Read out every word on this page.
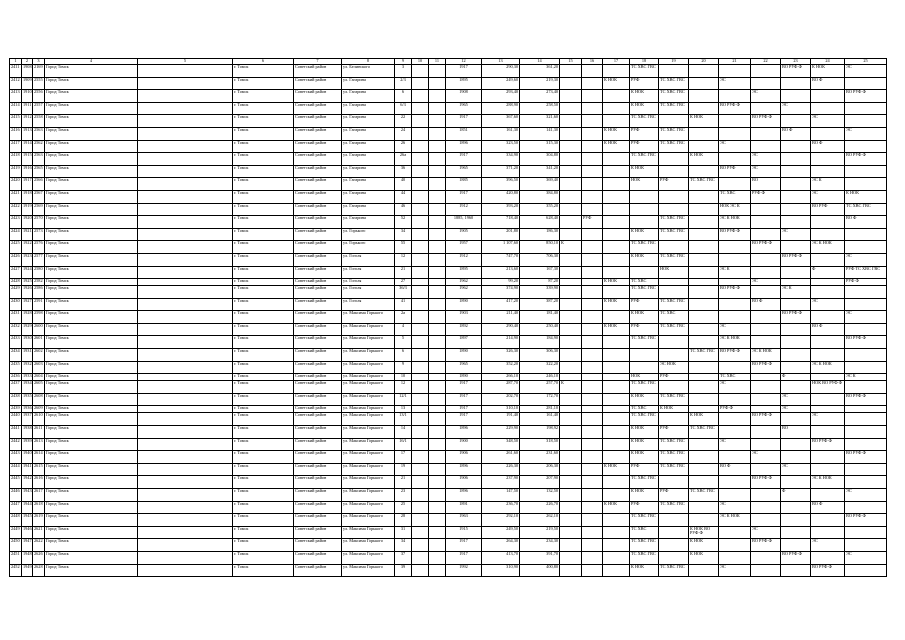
1	2	3	4	5	6	7	8	9	10	11	12	13	14	15	16	17	18	19	20	21	22	23	24	25
2411	1908	2169	Город Томск		г. Томск	Советский район	ул. Белинского	3			1917	290,30	361,20				ТС ХВС ГВС					ВО РУФ Ф	К НОК	ЭС
2412	1909	2555	Город Томск		г. Томск	Советский район	ул. Гагарина	2/3			1895	249,60	219,30			К НОК	РУФ	ТС ХВС ГВС		ЭС			ВО Ф	
2413	1910	2556	Город Томск		г. Томск	Советский район	ул. Гагарина	6			1908	293,40	273,40				К НОК	ТС ХВС ГВС			ЭС			ВО РУФ Ф
2414	1911	2557	Город Томск		г. Томск	Советский район	ул. Гагарина	6/3			1965	288,90	258,50				К НОК	ТС ХВС ГВС		ВО РУФ Ф		ЭС		
2415	1912	2558	Город Томск		г. Томск	Советский район	ул. Гагарина	22			1917	367,60	321,60				ТС ХВС ГВС		К НОК		ВО РУФ Ф		ЭС	
2416	1913	2563	Город Томск		г. Томск	Советский район	ул. Гагарина	24			1851	161,30	141,30			К НОК	РУФ	ТС ХВС ГВС				ВО Ф		ЭС
2417	1914	2562	Город Томск		г. Томск	Советский район	ул. Гагарина	26			1896	323,50	315,30			К НОК	РУФ	ТС ХВС ГВС		ЭС			ВО Ф	
2418	1915	2563	Город Томск		г. Томск	Советский район	ул. Гагарина	26а			1917	334,90	304,80				ТС ХВС ГВС		К НОК		ЭС			ВО РУФ Ф
2419	1916	2565	Город Томск		г. Томск	Советский район	ул. Гагарина	36			1965	371,20	341,20				К НОК			ВО РУФ	ЭС			
2420	1917	2566	Город Томск		г. Томск	Советский район	ул. Гагарина	40			1885	396,50	369,40				НОК	РУФ	ТС ХВС ГВС		ВО		ЭС К	
2421	1918	2567	Город Томск		г. Томск	Советский район	ул. Гагарина	44			1917	420,80	384,80							ТС ХВС	РУФ Ф		ЭС	К НОК
2422	1919	2569	Город Томск		г. Томск	Советский район	ул. Гагарина	46			1912	393,20	355,20							НОК ЭС К			ВО РУФ	ТС ХВС ГВС
2423	1920	2570	Город Томск		г. Томск	Советский район	ул. Гагарина	52			1885, 1960	718,40	628,40		РУФ			ТС ХВС ГВС		ЭС К НОК				ВО Ф
2424	1921	2573	Город Томск		г. Томск	Советский район	ул. Горького	34			1905	201,80	186,30				К НОК	ТС ХВС ГВС		ВО РУФ Ф		ЭС		
2425	1922	2576	Город Томск		г. Томск	Советский район	ул. Горького	55			1957	1 107,60	850,10	К			ТС ХВС ГВС				ВО РУФ Ф		ЭС К НОК	
2426	1923	2577	Город Томск		г. Томск	Советский район	ул. Гоголя	12			1912	747,70	706,30				К НОК	ТС ХВС ГВС				ВО РУФ Ф		ЭС
2427	1924	2580	Город Томск		г. Томск	Советский район	ул. Гоголя	21			1895	213,60	167,30					НОК		ЭС К			Ф	РУФ ТС ХВС ГВС
2428	1925	2582	Город Томск		г. Томск	Советский район	ул. Гоголя	27			1962	99,20	87,20			К НОК	ТС ХВС				ЭС			РУФ Ф
2429	1926	2586	Город Томск		г. Томск	Советский район	ул. Гоголя	36/3			1962	374,90	339,90				ТС ХВС ГВС			ВО РУФ Ф		ЭС К		
2430	1927	2591	Город Томск		г. Томск	Советский район	ул. Гоголя	41			1890	417,20	387,20			К НОК	РУФ	ТС ХВС ГВС			ВО Ф		ЭС	
2431	1928	2598	Город Томск		г. Томск	Советский район	ул. Максима Горького	2а			1903	211,40	181,40				К НОК	ТС ХВС				ВО РУФ Ф		ЭС
2432	1929	2600	Город Томск		г. Томск	Советский район	ул. Максима Горького	4			1892	290,40	250,40			К НОК	РУФ	ТС ХВС ГВС		ЭС			ВО Ф	
2433	1930	2601	Город Томск		г. Томск	Советский район	ул. Максима Горького	5			1897	214,90	184,90				ТС ХВС ГВС			ЭС К НОК				ВО РУФ Ф
2434	1931	2602	Город Томск		г. Томск	Советский район	ул. Максима Горького	6			1890	326,30	306,30						ТС ХВС ГВС	ВО РУФ Ф	ЭС К НОК			
2435	1932	2603	Город Томск		г. Томск	Советский район	ул. Максима Горького	9			1965	352,20	322,20					ЭС НОК			ВО РУФ Ф		ЭС К НОК	
2436	1933	2604	Город Томск		г. Томск	Советский район	ул. Максима Горького	10			1890	266,10	246,10				НОК	РУФ		ТС ХВС		Ф		ЭС К
2437	1934	2605	Город Томск		г. Томск	Советский район	ул. Максима Горького	12			1917	287,70	257,70	К			ТС ХВС ГВС			ЭС			НОК ВО РУФ Ф	
2438	1935	2608	Город Томск		г. Томск	Советский район	ул. Максима Горького	12/1			1917	202,70	172,70				К НОК	ТС ХВС ГВС				ЭС		ВО РУФ Ф
2439	1936	2609	Город Томск		г. Томск	Советский район	ул. Максима Горького	13			1917	310,10	281,10				ТС ХВС	К НОК		РУФ Ф		ЭС		
2440	1937	2610	Город Томск		г. Томск	Советский район	ул. Максима Горького	13/1			1917	191,40	161,40				ТС ХВС ГВС		К НОК		ВО РУФ Ф		ЭС	
2441	1938	2611	Город Томск		г. Томск	Советский район	ул. Максима Горького	14			1896	229,90	198,92				К НОК	РУФ	ТС ХВС ГВС			ВО		
2442	1939	2613	Город Томск		г. Томск	Советский район	ул. Максима Горького	16/1			1900	348,50	318,50				К НОК	ТС ХВС ГВС		ЭС			ВО РУФ Ф	
2443	1940	2614	Город Томск		г. Томск	Советский район	ул. Максима Горького	17			1906	261,60	231,60				К НОК	ТС ХВС ГВС			ЭС			ВО РУФ Ф
2444	1941	2615	Город Томск		г. Томск	Советский район	ул. Максима Горького	19			1896	226,30	206,30			К НОК	РУФ	ТС ХВС ГВС		ВО Ф		ЭС		
2445	1942	2616	Город Томск		г. Томск	Советский район	ул. Максима Горького	21			1906	237,90	207,90				ТС ХВС ГВС				ВО РУФ Ф		ЭС К НОК	
2446	1943	2617	Город Томск		г. Томск	Советский район	ул. Максима Горького	23			1896	147,50	132,50				К НОК	РУФ	ТС ХВС ГВС			Ф		ЭС
2447	1944	2618	Город Томск		г. Томск	Советский район	ул. Максима Горького	25			1891	236,70	226,70			К НОК	РУФ	ТС ХВС ГВС		ЭС			ВО Ф	
2448	1945	2619	Город Томск		г. Томск	Советский район	ул. Максима Горького	28			1963	292,10	262,10				ТС ХВС ГВС			ЭС К НОК				ВО РУФ Ф
2449	1946	2621	Город Томск		г. Томск	Советский район	ул. Максима Горького	31			1915	249,50	219,50				ТС ХВС		К НОК ВО РУФ Ф		ЭС			
2450	1947	2622	Город Томск		г. Томск	Советский район	ул. Максима Горького	34			1917	264,30	234,30				ТС ХВС ГВС		К НОК		ВО РУФ Ф		ЭС	
2451	1948	2626	Город Томск		г. Томск	Советский район	ул. Максима Горького	37			1917	413,70	391,70				ТС ХВС ГВС		К НОК			ВО РУФ Ф		ЭС
2452	1949	2628	Город Томск		г. Томск	Советский район	ул. Максима Горького	39			1992	310,90	400,80				К НОК	ТС ХВС ГВС		ЭС			ВО РУФ Ф	
